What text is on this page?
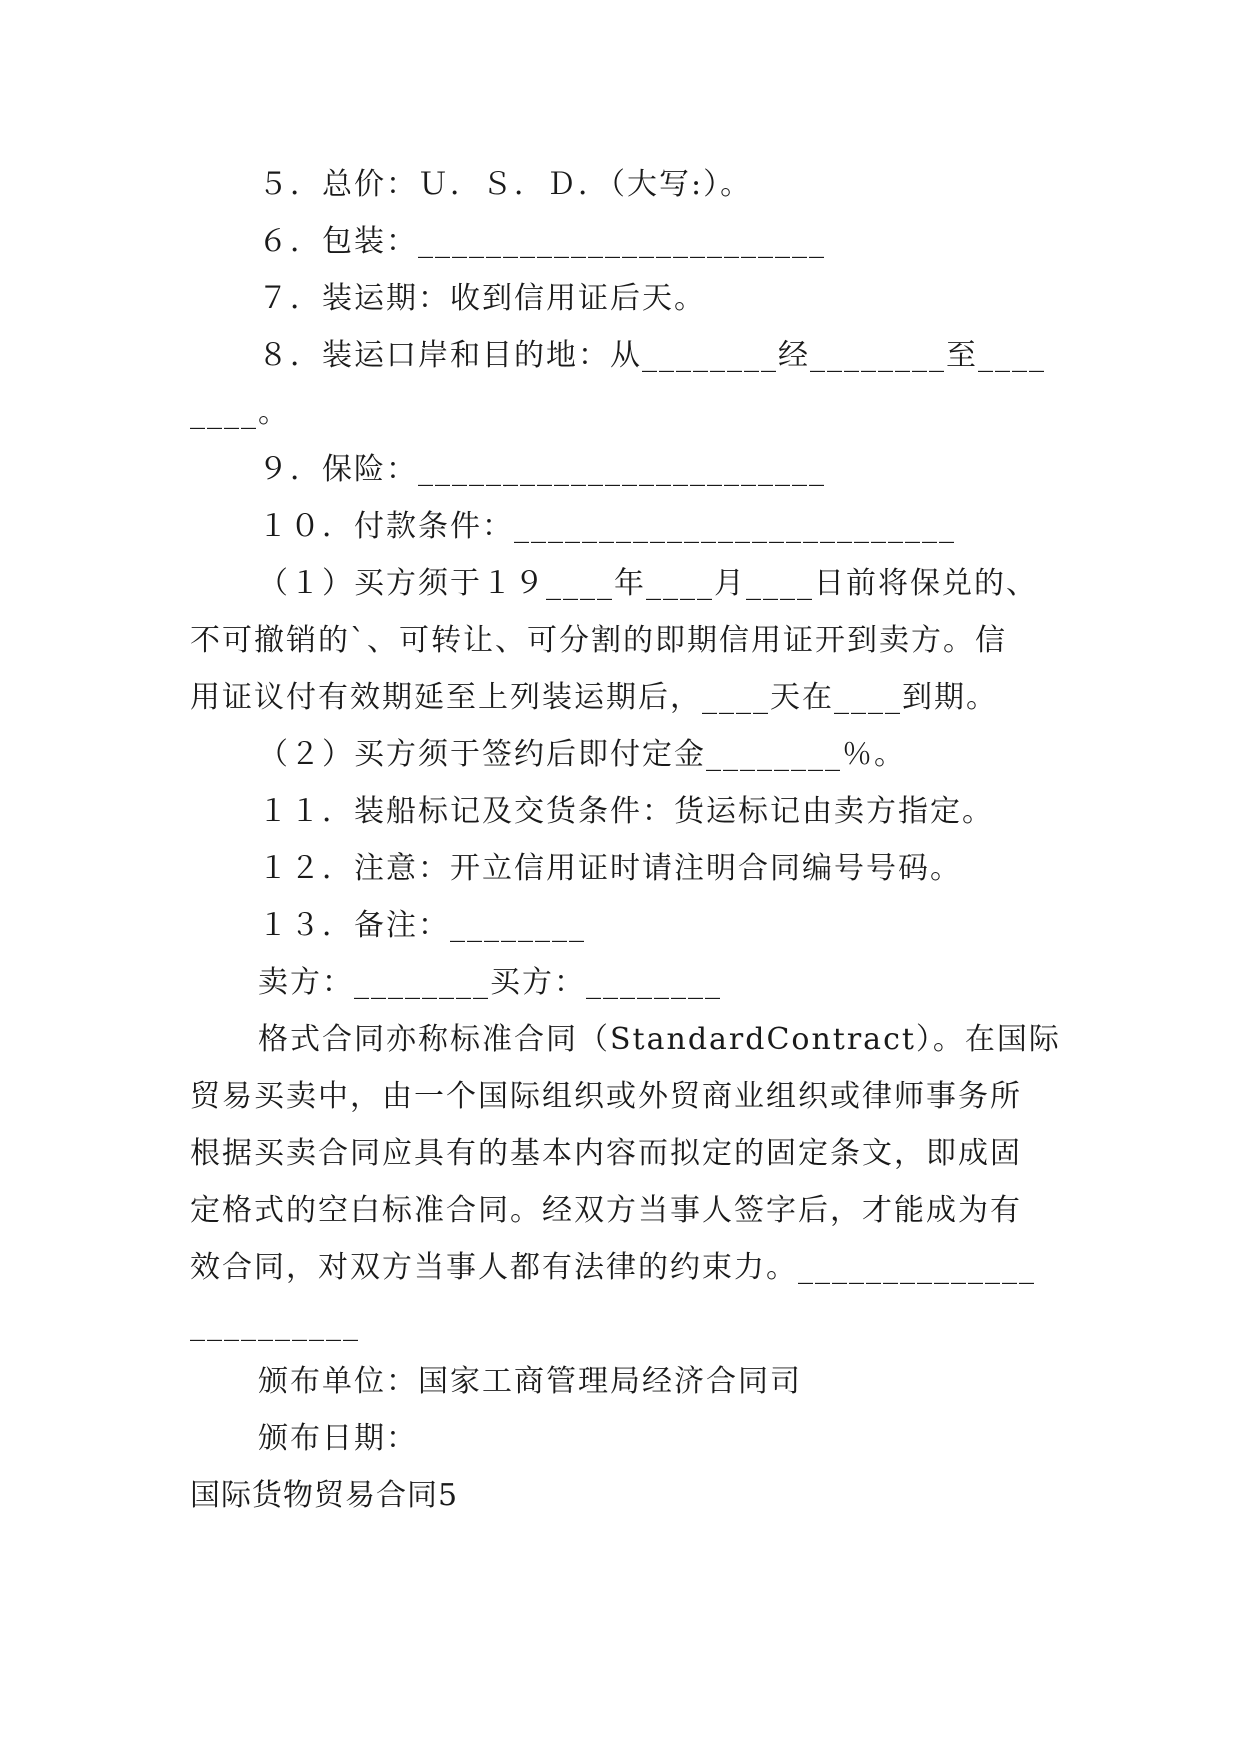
５．总价：Ｕ．Ｓ．Ｄ．（大写:）。
６．包装：________________________
７．装运期：收到信用证后天。
８．装运口岸和目的地：从________经________至____
____。
９．保险：________________________
１０．付款条件：__________________________
（１）买方须于１９____年____月____日前将保兑的、
不可撤销的`、可转让、可分割的即期信用证开到卖方。信
用证议付有效期延至上列装运期后，____天在____到期。
（２）买方须于签约后即付定金________％。
１１．装船标记及交货条件：货运标记由卖方指定。
１２．注意：开立信用证时请注明合同编号号码。
１３．备注：________
卖方：________买方：________
格式合同亦称标准合同（StandardContract）。在国际
贸易买卖中，由一个国际组织或外贸商业组织或律师事务所
根据买卖合同应具有的基本内容而拟定的固定条文，即成固
定格式的空白标准合同。经双方当事人签字后，才能成为有
效合同，对双方当事人都有法律的约束力。______________
__________
颁布单位：国家工商管理局经济合同司
颁布日期：
国际货物贸易合同5
